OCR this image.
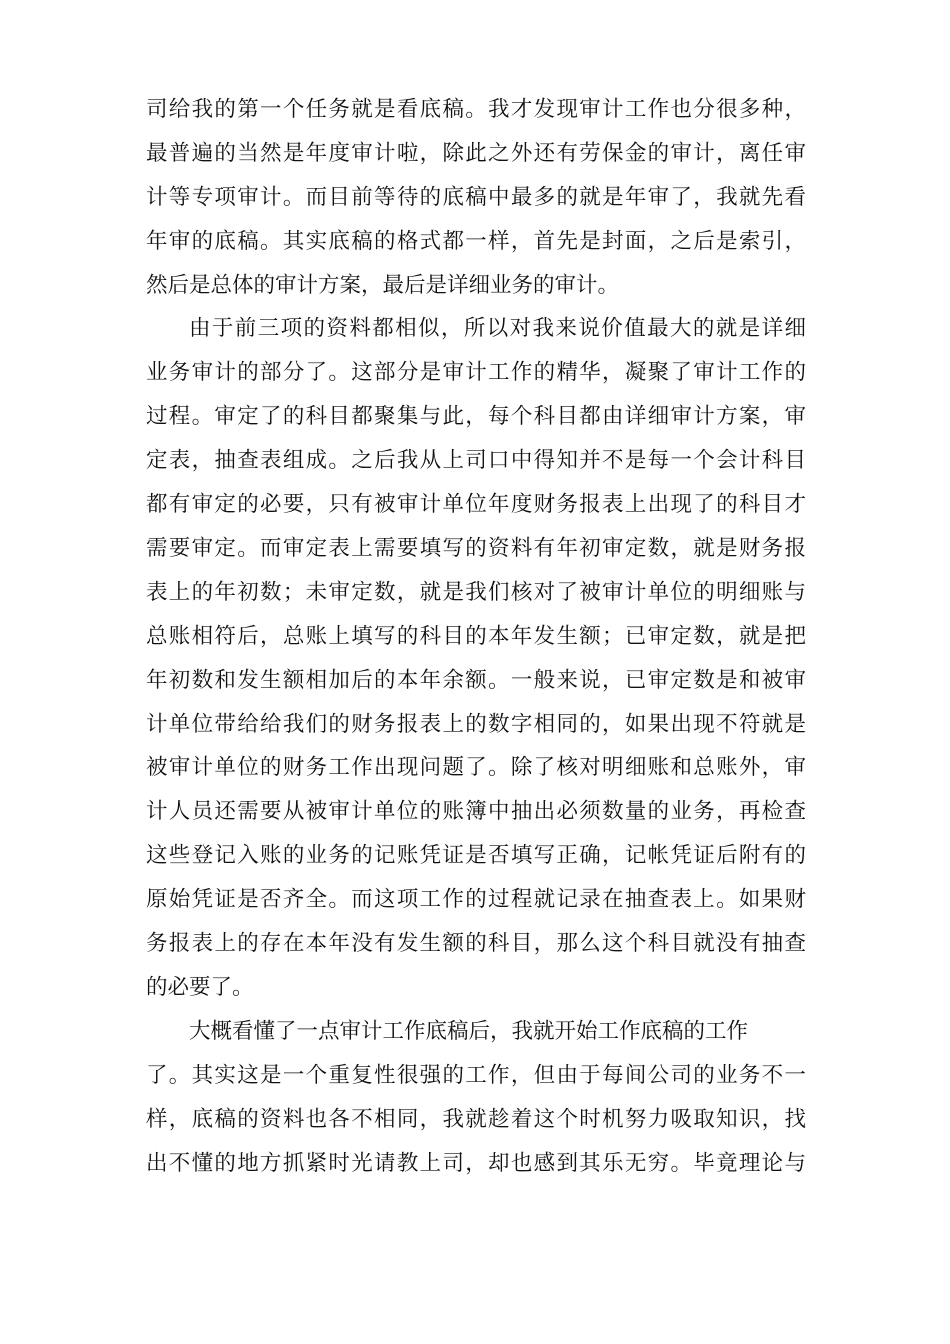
司给我的第一个任务就是看底稿。我才发现审计工作也分很多种，
最普遍的当然是年度审计啦，除此之外还有劳保金的审计，离任审
计等专项审计。而目前等待的底稿中最多的就是年审了，我就先看
年审的底稿。其实底稿的格式都一样，首先是封面，之后是索引，
然后是总体的审计方案，最后是详细业务的审计。
由于前三项的资料都相似，所以对我来说价值最大的就是详细
业务审计的部分了。这部分是审计工作的精华，凝聚了审计工作的
过程。审定了的科目都聚集与此，每个科目都由详细审计方案，审
定表，抽查表组成。之后我从上司口中得知并不是每一个会计科目
都有审定的必要，只有被审计单位年度财务报表上出现了的科目才
需要审定。而审定表上需要填写的资料有年初审定数，就是财务报
表上的年初数；未审定数，就是我们核对了被审计单位的明细账与
总账相符后，总账上填写的科目的本年发生额；已审定数，就是把
年初数和发生额相加后的本年余额。一般来说，已审定数是和被审
计单位带给给我们的财务报表上的数字相同的，如果出现不符就是
被审计单位的财务工作出现问题了。除了核对明细账和总账外，审
计人员还需要从被审计单位的账簿中抽出必须数量的业务，再检查
这些登记入账的业务的记账凭证是否填写正确，记帐凭证后附有的
原始凭证是否齐全。而这项工作的过程就记录在抽查表上。如果财
务报表上的存在本年没有发生额的科目，那么这个科目就没有抽查
的必要了。
大概看懂了一点审计工作底稿后，我就开始工作底稿的工作
了。其实这是一个重复性很强的工作，但由于每间公司的业务不一
样，底稿的资料也各不相同，我就趁着这个时机努力吸取知识，找
出不懂的地方抓紧时光请教上司，却也感到其乐无穷。毕竟理论与
